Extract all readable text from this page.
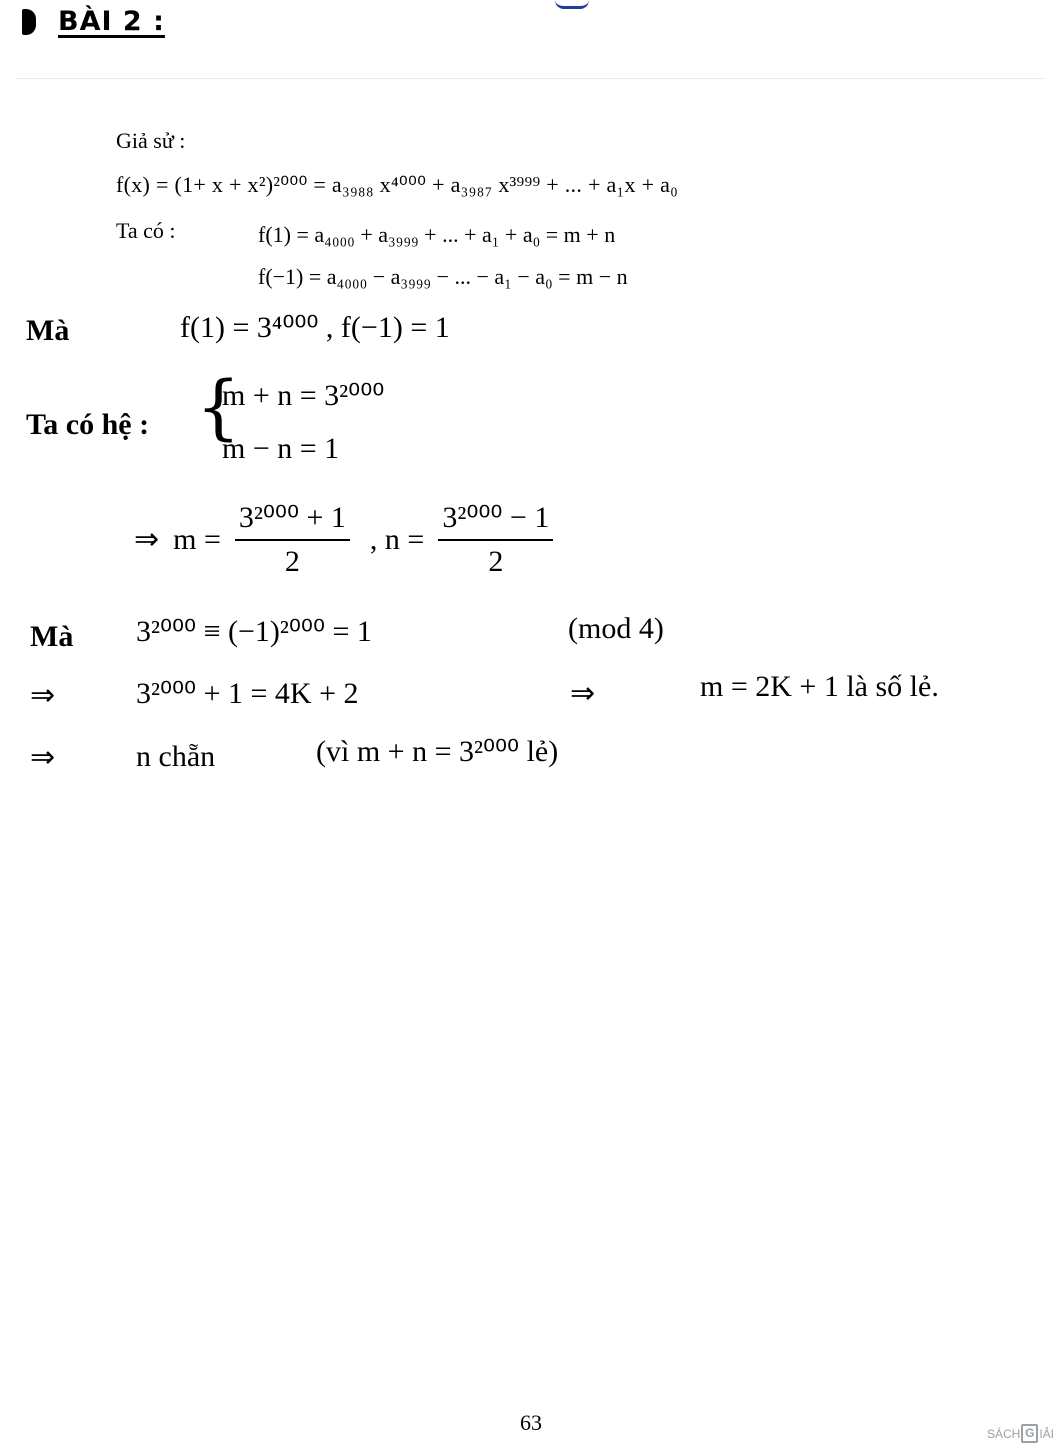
BÀI 2 :
Giả sử :
f(x) = (1+ x + x²)²⁰⁰⁰ = a₃₉₈₈ x⁴⁰⁰⁰ + a₃₉₈₇ x³⁹⁹⁹ + ... + a₁x + a₀
Ta có :	f(1) = a₄₀₀₀ + a₃₉₉₉ + ... + a₁ + a₀ = m + n
f(−1) = a₄₀₀₀ − a₃₉₉₉ − ... − a₁ − a₀ = m − n
Mà	f(1) = 3⁴⁰⁰⁰ , f(−1) = 1
Ta có hệ : {
m + n = 3²⁰⁰⁰
m − n = 1
⇒ $m = \frac{\text{3²⁰⁰⁰ + 1}}{2}$ , $n = \frac{\text{3²⁰⁰⁰ − 1}}{2}$
Mà 3²⁰⁰⁰ ≡ (−1)²⁰⁰⁰ = 1	(mod 4)
⇒	3²⁰⁰⁰ + 1 = 4K + 2	⇒	m = 2K + 1 là số lẻ.
⇒	n chẵn	(vì m + n = 3²⁰⁰⁰ lẻ)
63	SÁCH G IẢI
